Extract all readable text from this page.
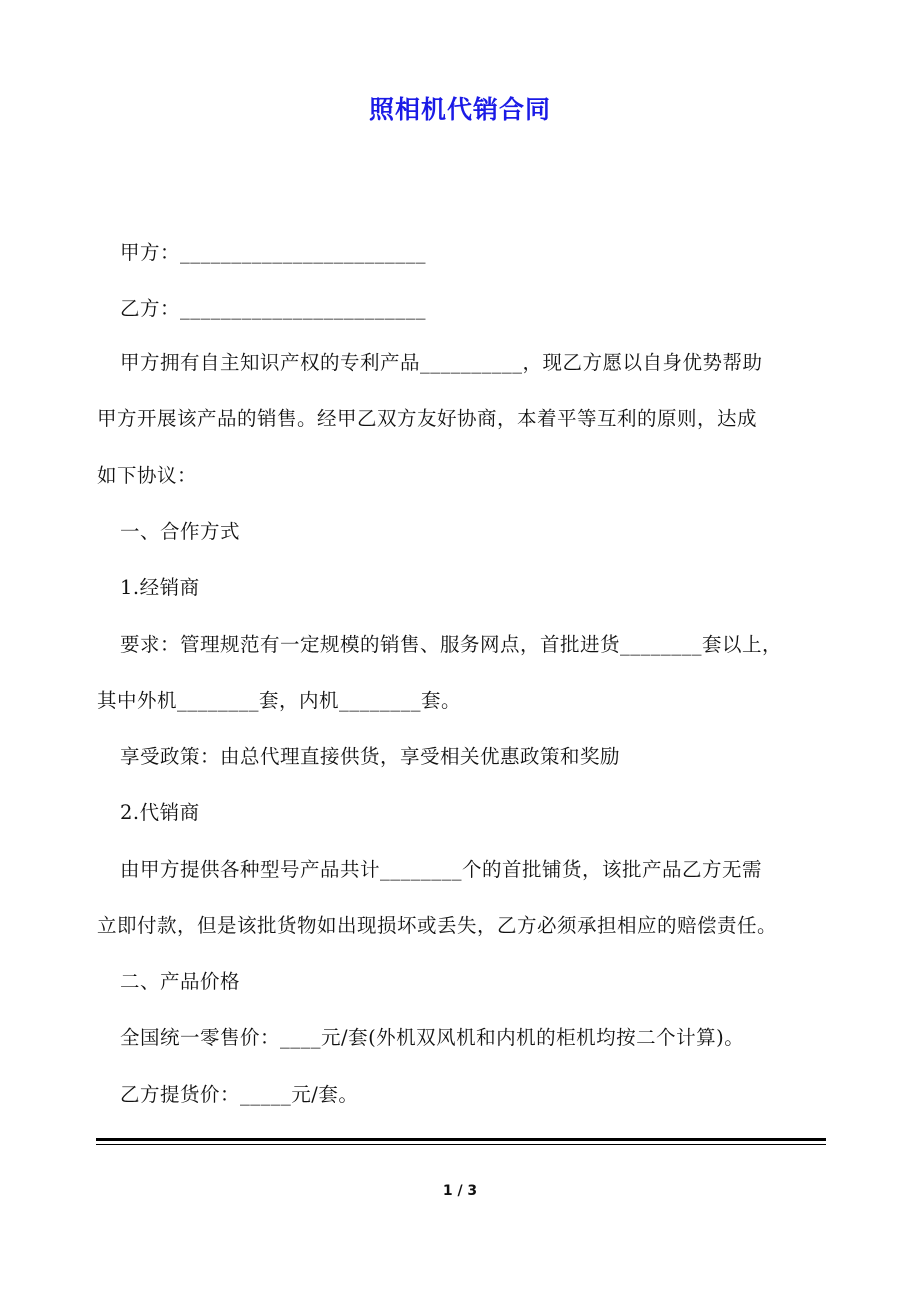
照相机代销合同
甲方：________________________
乙方：________________________
甲方拥有自主知识产权的专利产品__________，现乙方愿以自身优势帮助
甲方开展该产品的销售。经甲乙双方友好协商，本着平等互利的原则，达成
如下协议：
一、合作方式
1.经销商
要求：管理规范有一定规模的销售、服务网点，首批进货________套以上，
其中外机________套，内机________套。
享受政策：由总代理直接供货，享受相关优惠政策和奖励
2.代销商
由甲方提供各种型号产品共计________个的首批铺货，该批产品乙方无需
立即付款，但是该批货物如出现损坏或丢失，乙方必须承担相应的赔偿责任。
二、产品价格
全国统一零售价：____元/套(外机双风机和内机的柜机均按二个计算)。
乙方提货价：_____元/套。
1 / 3
